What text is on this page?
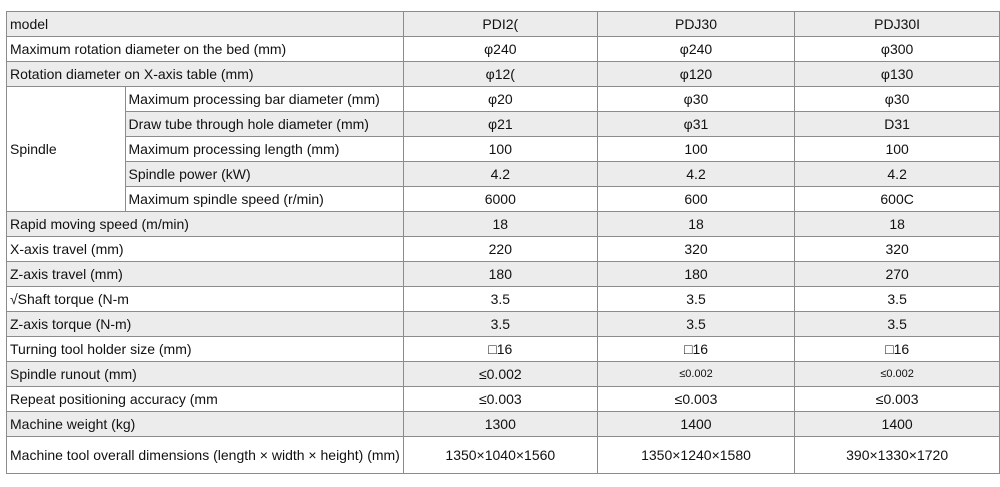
model		PDI2(	PDJ30	PDJ30I
Maximum rotation diameter on the bed (mm)		φ240	φ240	φ300
Rotation diameter on X-axis table (mm)		φ12(	φ120	φ130
Spindle	Maximum processing bar diameter (mm)	φ20	φ30	φ30
	Draw tube through hole diameter (mm)	φ21	φ31	D31
	Maximum processing length (mm)	100	100	100
	Spindle power (kW)	4.2	4.2	4.2
	Maximum spindle speed (r/min)	6000	600	600C
Rapid moving speed (m/min)		18	18	18
X-axis travel (mm)		220	320	320
Z-axis travel (mm)		180	180	270
√Shaft torque (N-m		3.5	3.5	3.5
Z-axis torque (N-m)		3.5	3.5	3.5
Turning tool holder size (mm)		□16	□16	□16
Spindle runout (mm)		≤0.002	≤0.002	≤0.002
Repeat positioning accuracy (mm		≤0.003	≤0.003	≤0.003
Machine weight (kg)		1300	1400	1400
Machine tool overall dimensions (length × width × height) (mm)		1350×1040×1560	1350×1240×1580	390×1330×1720
